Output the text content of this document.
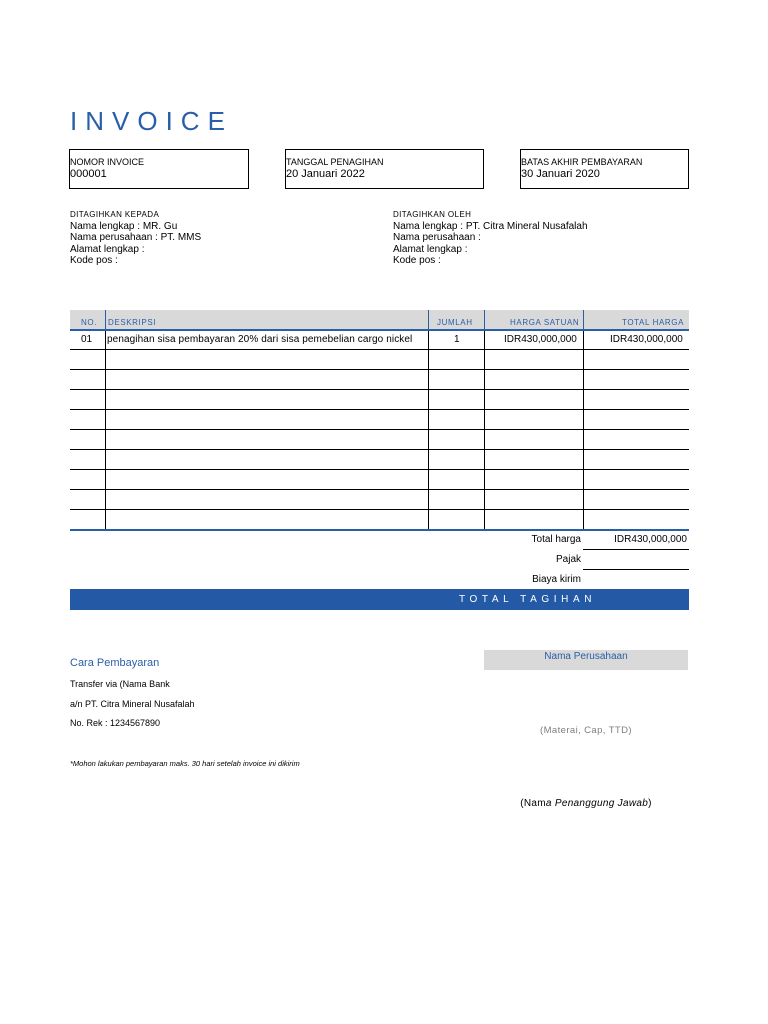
INVOICE
NOMOR INVOICE
000001
TANGGAL PENAGIHAN
20 Januari 2022
BATAS AKHIR PEMBAYARAN
30 Januari 2020
DITAGIHKAN KEPADA
Nama lengkap : MR. Gu
Nama perusahaan : PT. MMS
Alamat lengkap :
Kode pos :
DITAGIHKAN OLEH
Nama lengkap : PT. Citra Mineral Nusafalah
Nama perusahaan :
Alamat lengkap :
Kode pos :
NO. DESKRIPSI	JUMLAH	HARGA SATUAN	TOTAL HARGA
01 penagihan sisa pembayaran 20% dari sisa pemebelian cargo nickel	1	IDR430,000,000	IDR430,000,000
Total harga	IDR430,000,000
Pajak
Biaya kirim
TOTAL TAGIHAN
Cara Pembayaran
Transfer via (Nama Bank
a/n PT. Citra Mineral Nusafalah
No. Rek : 1234567890
*Mohon lakukan pembayaran maks. 30 hari setelah invoice ini dikirim
Nama Perusahaan
(Materai, Cap, TTD)
(Nama Penanggung Jawab)
